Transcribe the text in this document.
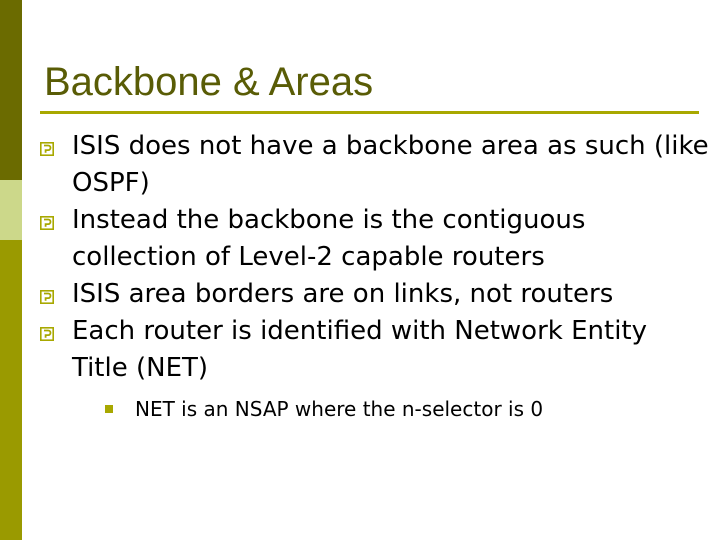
Backbone & Areas
ISIS does not have a backbone area as such (like OSPF)
Instead the backbone is the contiguous collection of Level-2 capable routers
ISIS area borders are on links, not routers
Each router is identified with Network Entity Title (NET)
NET is an NSAP where the n-selector is 0
